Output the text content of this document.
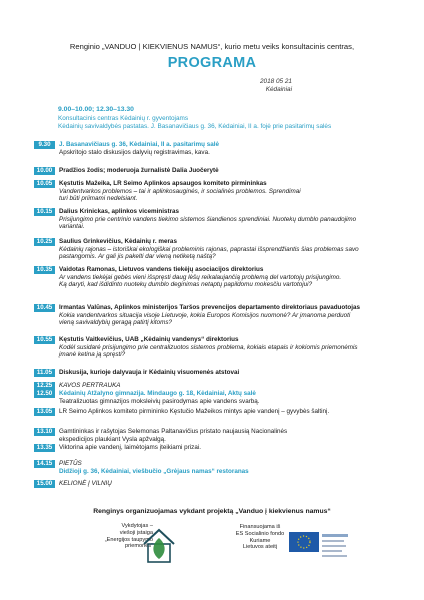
Renginio „VANDUO | KIEKVIENUS NAMUS“, kurio metu veiks konsultacinis centras,
PROGRAMA
2018 05 21
Kėdainiai
9.00–10.00; 12.30–13.30
Konsultacinis centras Kėdainių r. gyventojams
Kėdainių savivaldybės pastatas. J. Basanavičiaus g. 36, Kėdainiai, II a. fojė prie pasitarimų salės
9.30	J. Basanavičiaus g. 36, Kėdainiai, II a. pasitarimų salė
Apskritojo stalo diskusijos dalyvių registravimas, kava.
10.00	Pradžios žodis; moderuoja žurnalistė Dalia Juočerytė
10.05	Kęstutis Mažeika, LR Seimo Aplinkos apsaugos komiteto pirmininkas
Vandentvarkos problemos – tai ir aplinkosauginės, ir socialinės problemos. Sprendimai
turi būti priimami nedelsiant.
10.15	Dalius Krinickas, aplinkos viceministras
Prisijungimo prie centrinio vandens tiekimo sistemos šiandienos sprendiniai. Nuotekų dumblo panaudojimo
variantai.
10.25	Saulius Grinkevičius, Kėdainių r. meras
Kėdainių rajonas – istoriškai ekologiškai probleminis rajonas, paprastai išsprendžiantis šias problemas savo
pastangomis. Ar gali jis pakelti dar vieną netiketą naštą?
10.35	Vaidotas Ramonas, Lietuvos vandens tiekėjų asociacijos direktorius
Ar vandens tiekėjai gebės vieni išspręsti daug lėšų reikalaujančią problemą del vartotojų prisijungimo.
Ką daryti, kad išdidinto nuotekų dumblo deginimas netaptų papildomu mokesčiu vartotojui?
10.45	Irmantas Valūnas, Aplinkos ministerijos Taršos prevencijos departamento direktoriaus pavaduotojas
Kokia vandentvarkos situacija visoje Lietuvoje, kokia Europos Komisijos nuomonė? Ar įmanoma perduoti
vieną savivaldybių geragą patirtį kitoms?
10.55	Kęstutis Vaitkevičius, UAB „Kėdainių vandenys“ direktorius
Kodėl susidarė prisijungimo prie centralizuotos sistemos problema, kokiais etapais ir kokiomis priemonėmis
įmanė ketina ją spręsti?
11.05	Diskusija, kurioje dalyvauja ir Kėdainių visuomenės atstovai
12.25	KAVOS PERTRAUKA
12.50	Kėdainių Atžalyno gimnazija. Mindaugo g. 18, Kėdainiai, Aktų salė
Teatralizuotas gimnazijos moksleivių pasirodymas apie vandens svarbą.
13.05	LR Seimo Aplinkos komiteto pirmininko Kęstučio Mažeikos mintys apie vandenį – gyvybės šaltinį.
13.10	Gamtininkas ir rašytojas Selemonas Paltanavičius pristato naujausią Nacionalinės
ekspedicijos plaukiant Vysla apžvalgą.
13.35	Viktorina apie vandenį, laimėtojams įteikiami prizai.
14.15	PIETŪS
Didžioji g. 36, Kėdainiai, viešbučio „Grėjaus namas“ restoranas
15.00	KELIONĖ Į VILNIŲ
Renginys organizuojamas vykdant projektą „Vanduo į kiekvienus namus“
Vykdytojas –
viešoji įstaiga
„Energijos taupymo
priemonės“
Finansuojama iš
ES Socialinio fondo
Kuriame
Lietuvos ateitį
